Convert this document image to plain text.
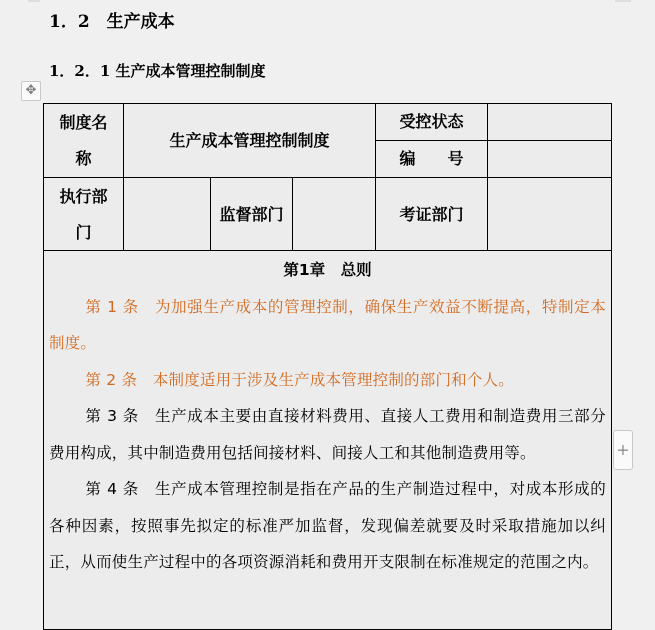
1．2　生产成本
1．2．1 生产成本管理控制制度
✥
制度名称
生产成本管理控制制度
受控状态
编　　号
执行部门
监督部门	考证部门
第1章　总则
第 1 条　为加强生产成本的管理控制，确保生产效益不断提高，特制定本制度。
第 2 条　本制度适用于涉及生产成本管理控制的部门和个人。
第 3 条　生产成本主要由直接材料费用、直接人工费用和制造费用三部分费用构成，其中制造费用包括间接材料、间接人工和其他制造费用等。
第 4 条　生产成本管理控制是指在产品的生产制造过程中，对成本形成的各种因素，按照事先拟定的标准严加监督，发现偏差就要及时采取措施加以纠正，从而使生产过程中的各项资源消耗和费用开支限制在标准规定的范围之内。
+
